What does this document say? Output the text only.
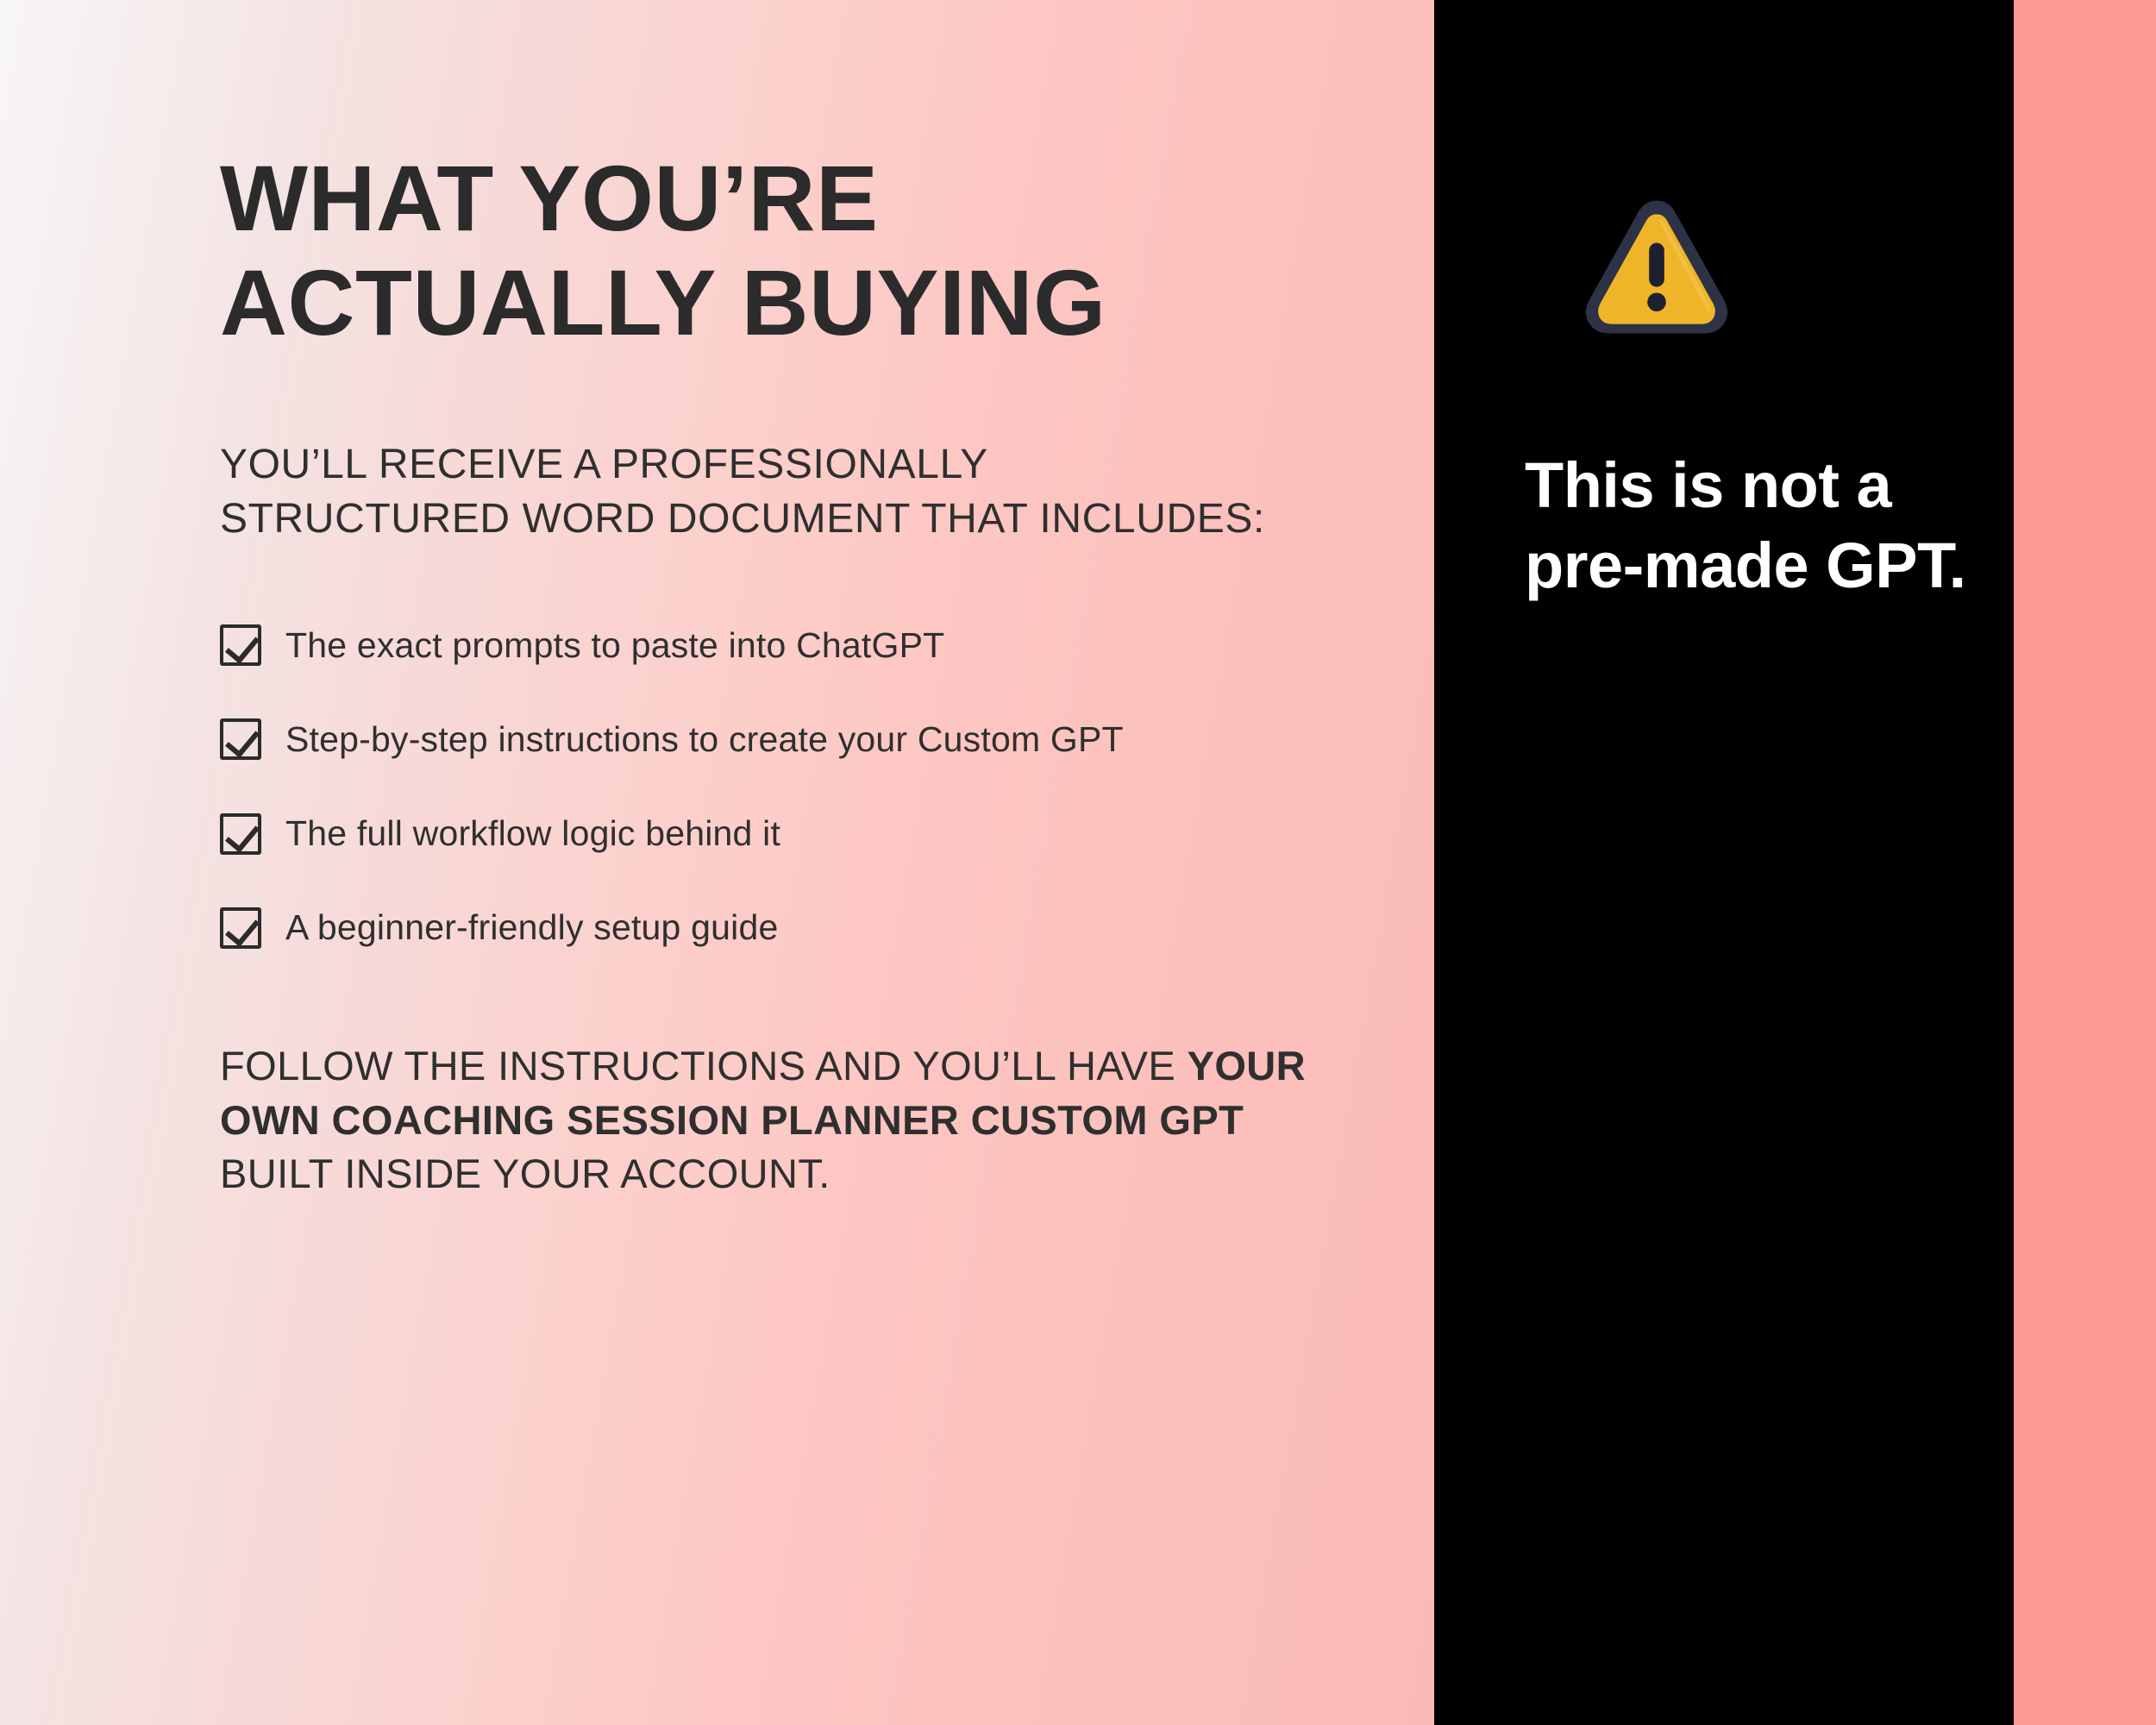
WHAT YOU’RE ACTUALLY BUYING

YOU’LL RECEIVE A PROFESSIONALLY STRUCTURED WORD DOCUMENT THAT INCLUDES:

The exact prompts to paste into ChatGPT
Step-by-step instructions to create your Custom GPT
The full workflow logic behind it
A beginner-friendly setup guide

FOLLOW THE INSTRUCTIONS AND YOU’LL HAVE YOUR OWN COACHING SESSION PLANNER CUSTOM GPT BUILT INSIDE YOUR ACCOUNT.

This is not a pre-made GPT.
